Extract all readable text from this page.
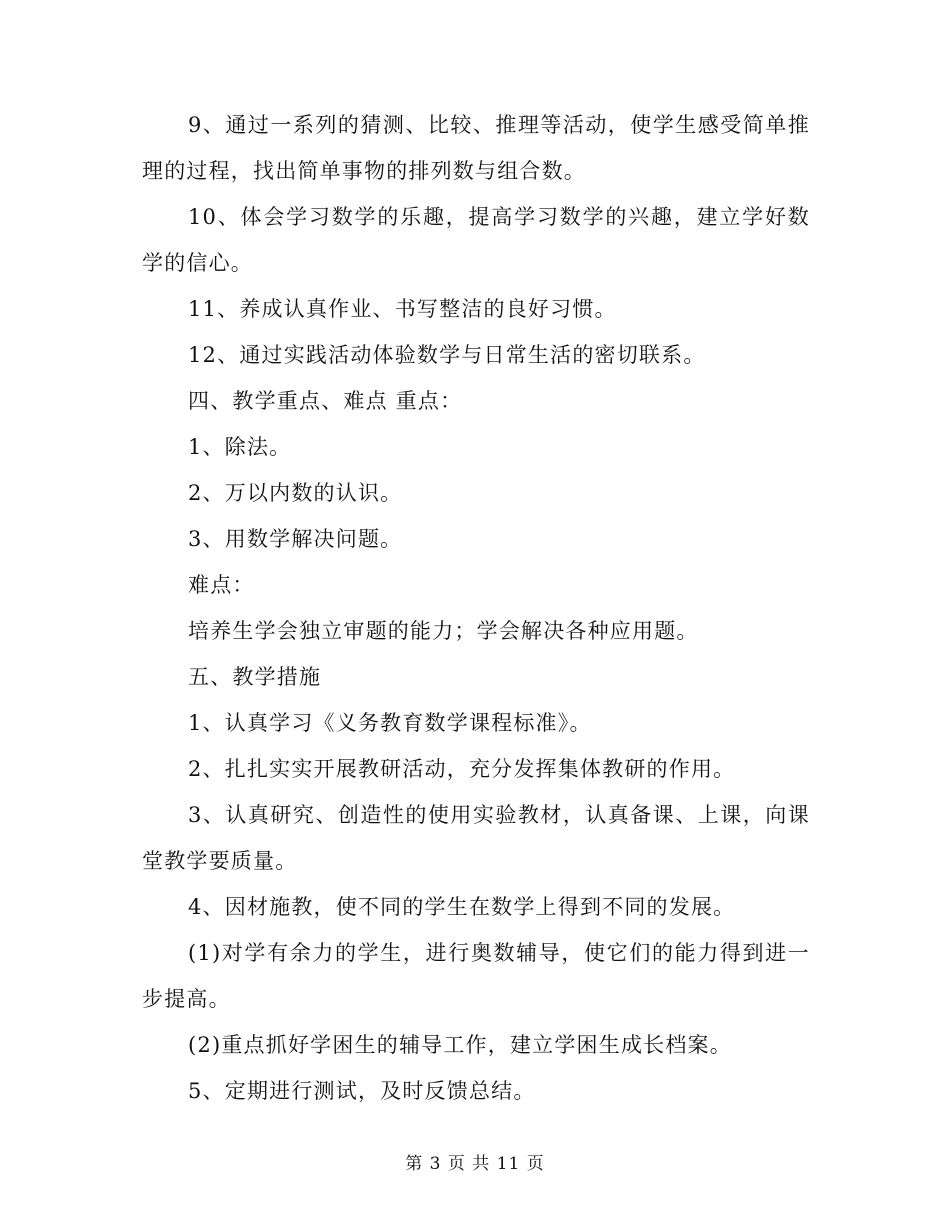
9、通过一系列的猜测、比较、推理等活动，使学生感受简单推理的过程，找出简单事物的排列数与组合数。

10、体会学习数学的乐趣，提高学习数学的兴趣，建立学好数学的信心。

11、养成认真作业、书写整洁的良好习惯。

12、通过实践活动体验数学与日常生活的密切联系。

四、教学重点、难点 重点：

1、除法。

2、万以内数的认识。

3、用数学解决问题。

难点：

培养生学会独立审题的能力；学会解决各种应用题。

五、教学措施

1、认真学习《义务教育数学课程标准》。

2、扎扎实实开展教研活动，充分发挥集体教研的作用。

3、认真研究、创造性的使用实验教材，认真备课、上课，向课堂教学要质量。

4、因材施教，使不同的学生在数学上得到不同的发展。

(1)对学有余力的学生，进行奥数辅导，使它们的能力得到进一步提高。

(2)重点抓好学困生的辅导工作，建立学困生成长档案。

5、定期进行测试，及时反馈总结。

第 3 页 共 11 页
